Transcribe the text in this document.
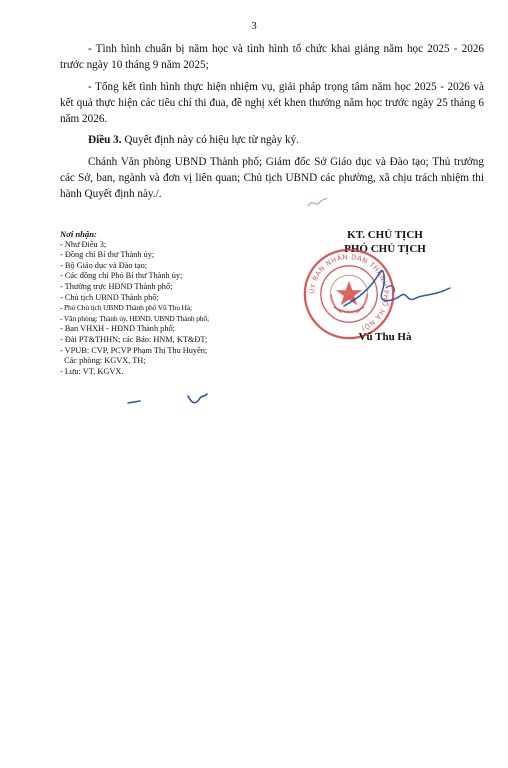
3

- Tình hình chuẩn bị năm học và tình hình tổ chức khai giảng năm học 2025 - 2026 trước ngày 10 tháng 9 năm 2025;

- Tổng kết tình hình thực hiện nhiệm vụ, giải pháp trọng tâm năm học 2025 - 2026 và kết quả thực hiện các tiêu chí thi đua, đề nghị xét khen thưởng năm học trước ngày 25 tháng 6 năm 2026.

Điều 3. Quyết định này có hiệu lực từ ngày ký.

Chánh Văn phòng UBND Thành phố; Giám đốc Sở Giáo dục và Đào tạo; Thủ trưởng các Sở, ban, ngành và đơn vị liên quan; Chủ tịch UBND các phường, xã chịu trách nhiệm thi hành Quyết định này./.

Nơi nhận:
- Như Điều 3;
- Đồng chí Bí thư Thành ủy;
- Bộ Giáo dục và Đào tạo;
- Các đồng chí Phó Bí thư Thành ủy;
- Thường trực HĐND Thành phố;
- Chủ tịch UBND Thành phố;
- Phó Chủ tịch UBND Thành phố Vũ Thu Hà;
- Văn phòng: Thành ủy, HĐND, UBND Thành phố;
- Ban VHXH - HĐND Thành phố;
- Đài PT&THHN; các Báo: HNM, KT&ĐT;
- VPUB: CVP, PCVP Phạm Thị Thu Huyền;
Các phòng: KGVX, TH;
- Lưu: VT, KGVX.
KT. CHỦ TỊCH
PHÓ CHỦ TỊCH
ỦY BAN NHÂN DÂN THÀNH PHỐ HÀ NỘI
Vũ Thu Hà
